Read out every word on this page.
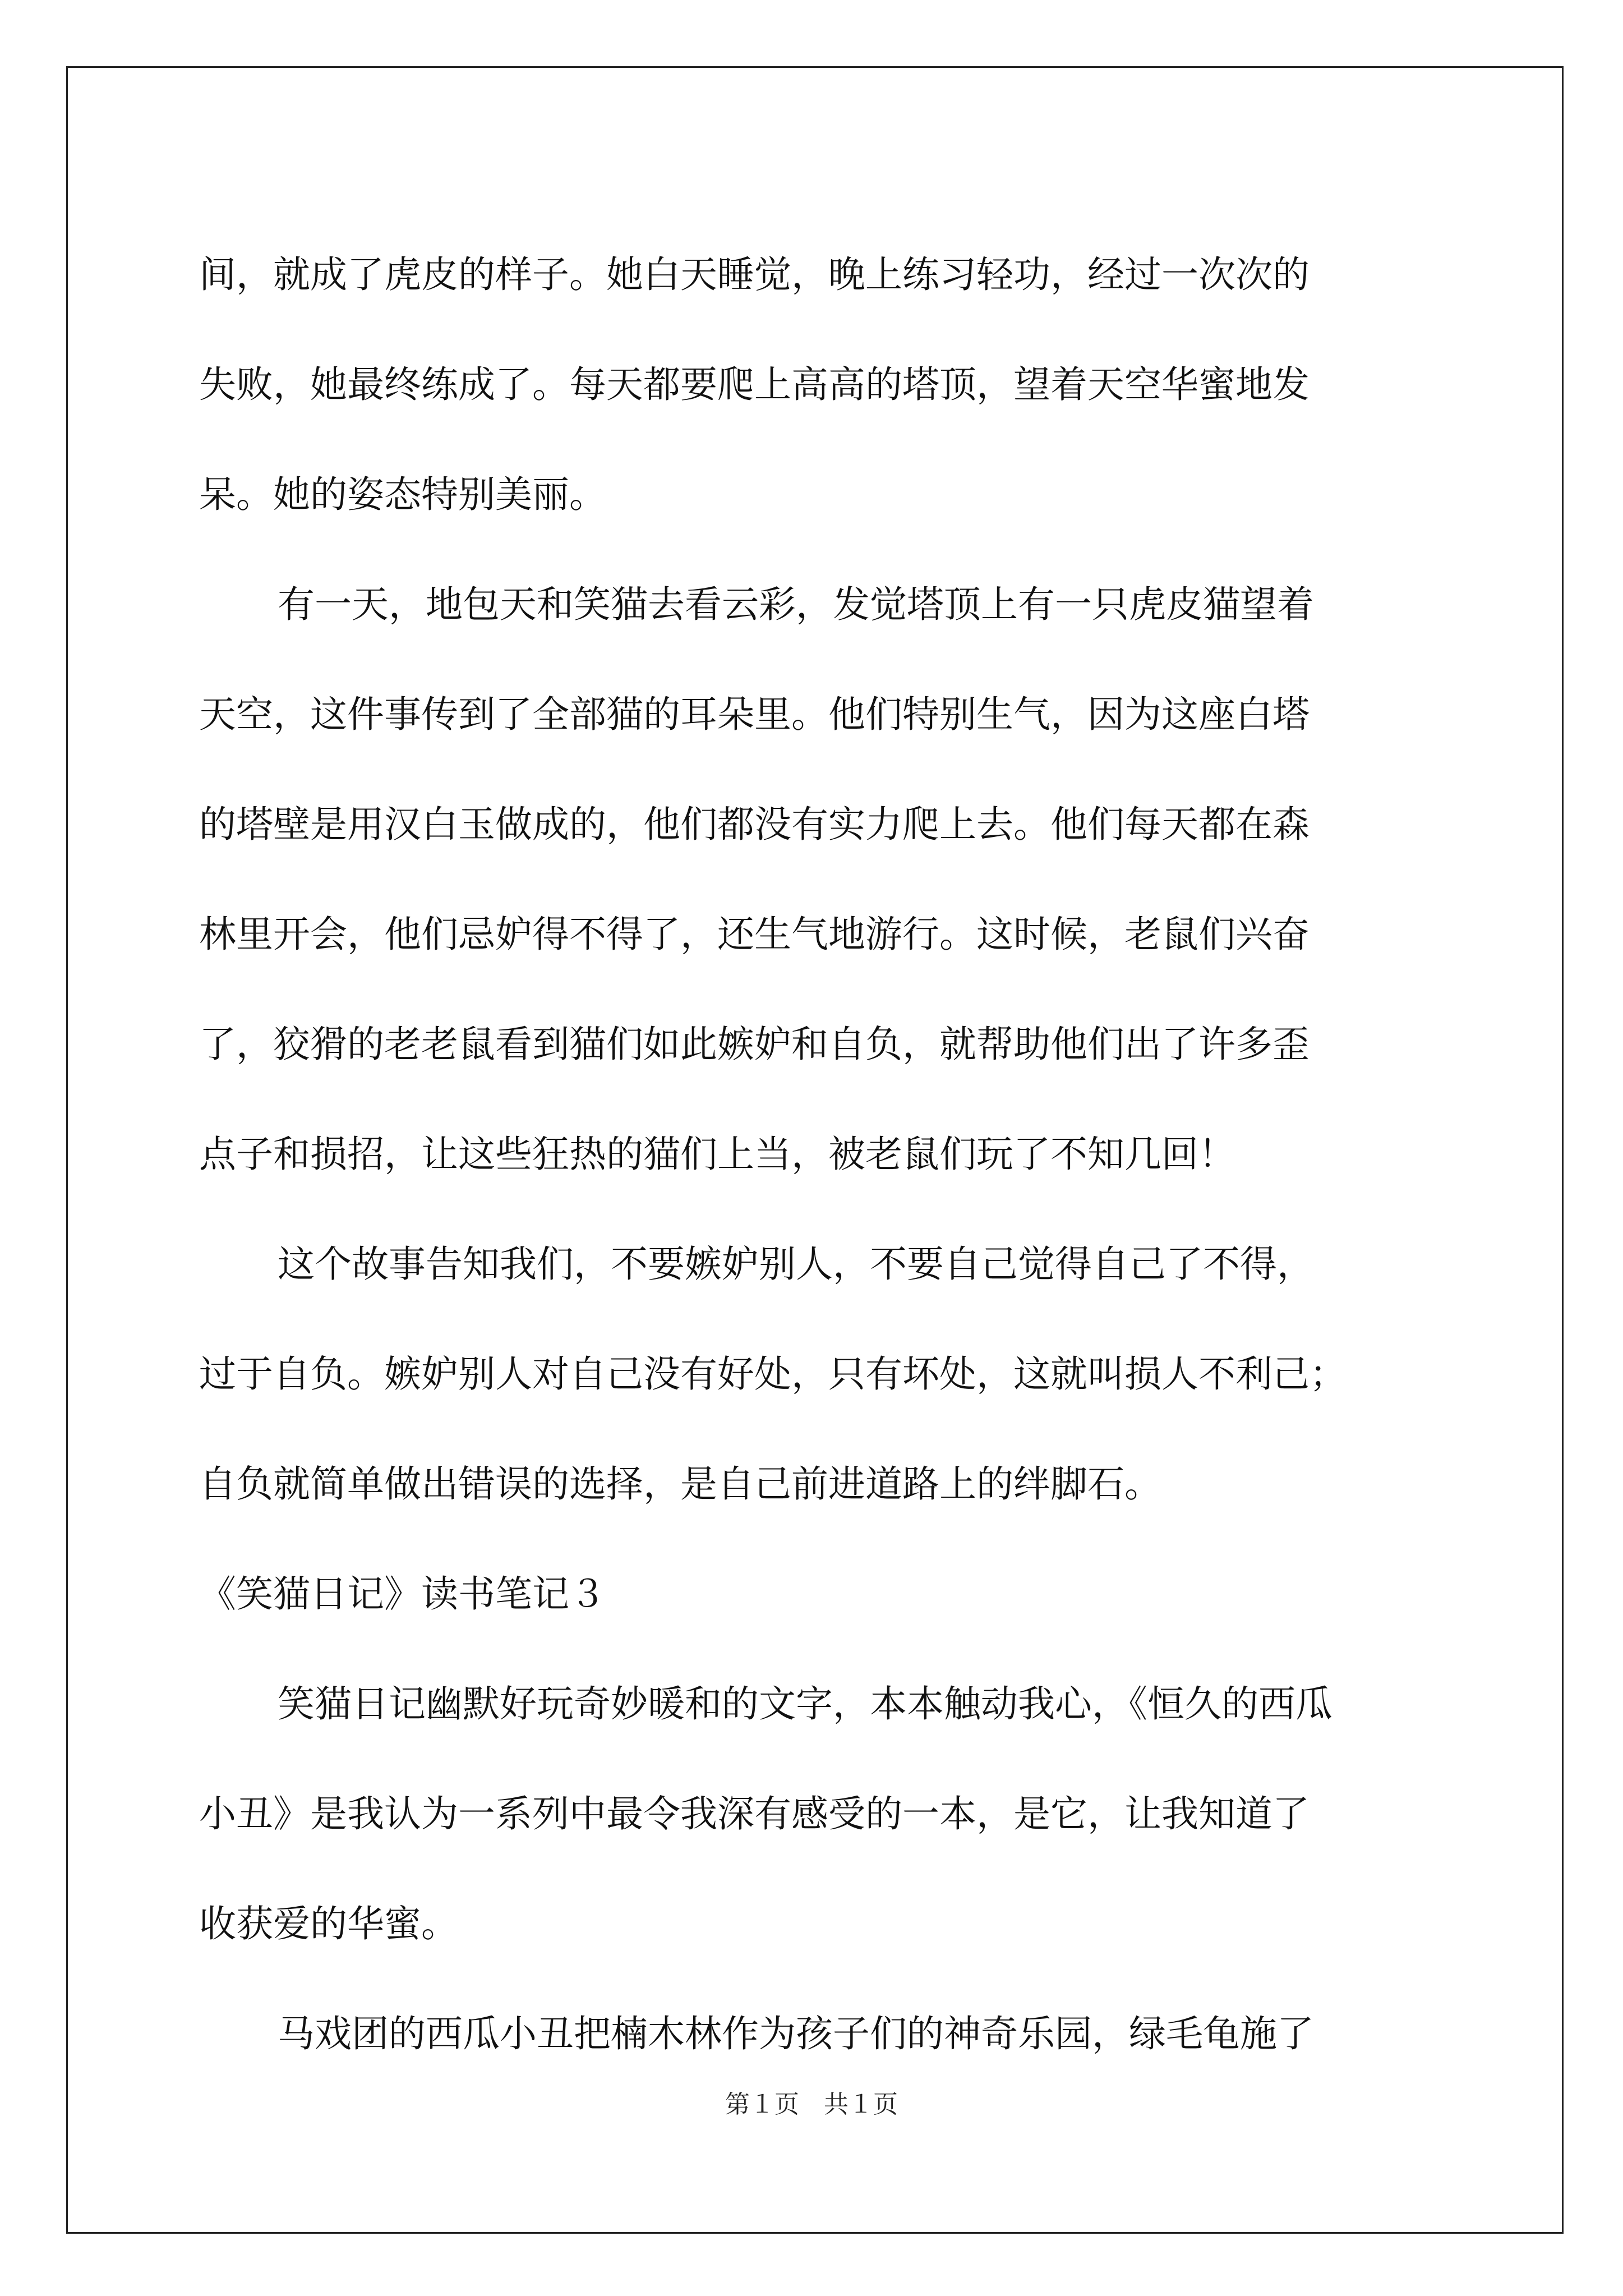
间，就成了虎皮的样子。她白天睡觉，晚上练习轻功，经过一次次的
失败，她最终练成了。每天都要爬上高高的塔顶，望着天空华蜜地发
呆。她的姿态特别美丽。
有一天，地包天和笑猫去看云彩，发觉塔顶上有一只虎皮猫望着
天空，这件事传到了全部猫的耳朵里。他们特别生气，因为这座白塔
的塔壁是用汉白玉做成的，他们都没有实力爬上去。他们每天都在森
林里开会，他们忌妒得不得了，还生气地游行。这时候，老鼠们兴奋
了，狡猾的老老鼠看到猫们如此嫉妒和自负，就帮助他们出了许多歪
点子和损招，让这些狂热的猫们上当，被老鼠们玩了不知几回！
这个故事告知我们，不要嫉妒别人，不要自己觉得自己了不得，
过于自负。嫉妒别人对自己没有好处，只有坏处，这就叫损人不利己；
自负就简单做出错误的选择，是自己前进道路上的绊脚石。
《笑猫日记》读书笔记３
笑猫日记幽默好玩奇妙暖和的文字，本本触动我心，《恒久的西瓜
小丑》是我认为一系列中最令我深有感受的一本，是它，让我知道了
收获爱的华蜜。
马戏团的西瓜小丑把楠木林作为孩子们的神奇乐园，绿毛龟施了
第１页　共１页
